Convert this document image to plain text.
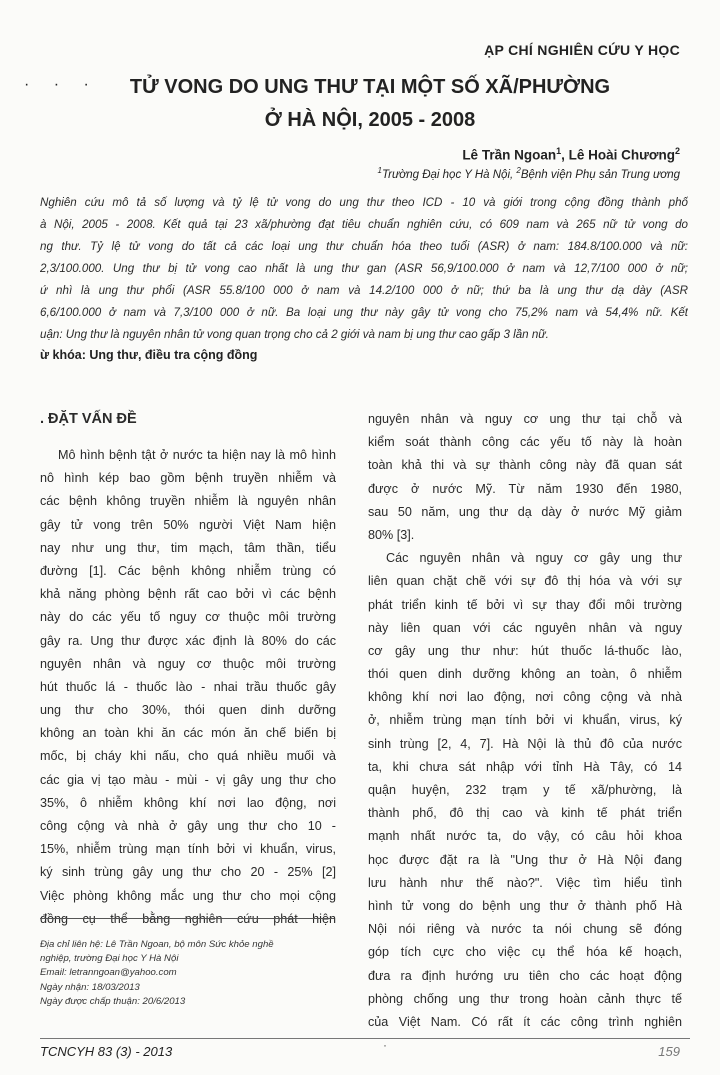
ẠP CHÍ NGHIÊN CỨU Y HỌC
· · ·	TỬ VONG DO UNG THƯ TẠI MỘT SỐ XÃ/PHƯỜNG
Ở HÀ NỘI, 2005 - 2008
Lê Trần Ngoan$^1$, Lê Hoài Chương$^2$
$^1$Trường Đại học Y Hà Nội, $^2$Bệnh viện Phụ sản Trung ương
Nghiên cứu mô tả số lượng và tỷ lệ tử vong do ung thư theo ICD - 10 và giới trong cộng đồng thành phố
à Nội, 2005 - 2008. Kết quả tại 23 xã/phường đạt tiêu chuẩn nghiên cứu, có 609 nam và 265 nữ tử vong do
ng thư. Tỷ lệ tử vong do tất cả các loại ung thư chuẩn hóa theo tuổi (ASR) ở nam: 184.8/100.000 và nữ:
2,3/100.000. Ung thư bị tử vong cao nhất là ung thư gan (ASR 56,9/100.000 ở nam và 12,7/100 000 ở nữ;
ứ nhì là ung thư phổi (ASR 55.8/100 000 ở nam và 14.2/100 000 ở nữ; thứ ba là ung thư dạ dày (ASR
6,6/100.000 ở nam và 7,3/100 000 ở nữ. Ba loại ung thư này gây tử vong cho 75,2% nam và 54,4% nữ. Kết
uận: Ung thư là nguyên nhân tử vong quan trọng cho cả 2 giới và nam bị ung thư cao gấp 3 lần nữ.
ừ khóa: Ung thư, điều tra cộng đồng
. ĐẶT VẤN ĐỀ
Mô hình bệnh tật ở nước ta hiện nay là mô hình
nô hình kép bao gồm bệnh truyền nhiễm và
các bệnh không truyền nhiễm là nguyên nhân
gây tử vong trên 50% người Việt Nam hiện
nay như ung thư, tim mạch, tâm thần, tiểu
đường [1]. Các bệnh không nhiễm trùng có
khả năng phòng bệnh rất cao bởi vì các bệnh
này do các yếu tố nguy cơ thuộc môi trường
gây ra. Ung thư được xác định là 80% do các
nguyên nhân và nguy cơ thuộc môi trường
hút thuốc lá - thuốc lào - nhai trầu thuốc gây
ung thư cho 30%, thói quen dinh dưỡng
không an toàn khi ăn các món ăn chế biến bị
mốc, bị cháy khi nấu, cho quá nhiều muối và
các gia vị tạo màu - mùi - vị gây ung thư cho
35%, ô nhiễm không khí nơi lao động, nơi
công cộng và nhà ở gây ung thư cho 10 -
15%, nhiễm trùng mạn tính bởi vi khuẩn, virus,
ký sinh trùng gây ung thư cho 20 - 25% [2]
Việc phòng không mắc ung thư cho mọi cộng
đồng cụ thể bằng nghiên cứu phát hiện
Địa chỉ liên hệ: Lê Trần Ngoan, bộ môn Sức khỏe nghề
nghiệp, trường Đại học Y Hà Nội
Email: letranngoan@yahoo.com
Ngày nhận: 18/03/2013
Ngày được chấp thuận: 20/6/2013
nguyên nhân và nguy cơ ung thư tại chỗ và
kiểm soát thành công các yếu tố này là hoàn
toàn khả thi và sự thành công này đã quan sát
được ở nước Mỹ. Từ năm 1930 đến 1980,
sau 50 năm, ung thư dạ dày ở nước Mỹ giảm
80% [3].
Các nguyên nhân và nguy cơ gây ung thư
liên quan chặt chẽ với sự đô thị hóa và với sự
phát triển kinh tế bởi vì sự thay đổi môi trường
này liên quan với các nguyên nhân và nguy
cơ gây ung thư như: hút thuốc lá-thuốc lào,
thói quen dinh dưỡng không an toàn, ô nhiễm
không khí nơi lao động, nơi công cộng và nhà
ở, nhiễm trùng mạn tính bởi vi khuẩn, virus, ký
sinh trùng [2, 4, 7]. Hà Nội là thủ đô của nước
ta, khi chưa sát nhập với tỉnh Hà Tây, có 14
quận huyện, 232 trạm y tế xã/phường, là
thành phố, đô thị cao và kinh tế phát triển
mạnh nhất nước ta, do vậy, có câu hỏi khoa
học được đặt ra là "Ung thư ở Hà Nội đang
lưu hành như thế nào?". Việc tìm hiểu tình
hình tử vong do bệnh ung thư ở thành phố Hà
Nội nói riêng và nước ta nói chung sẽ đóng
góp tích cực cho việc cụ thể hóa kế hoạch,
đưa ra định hướng ưu tiên cho các hoạt động
phòng chống ung thư trong hoàn cảnh thực tế
của Việt Nam. Có rất ít các công trình nghiên
TCNCYH 83 (3) - 2013	·	159
